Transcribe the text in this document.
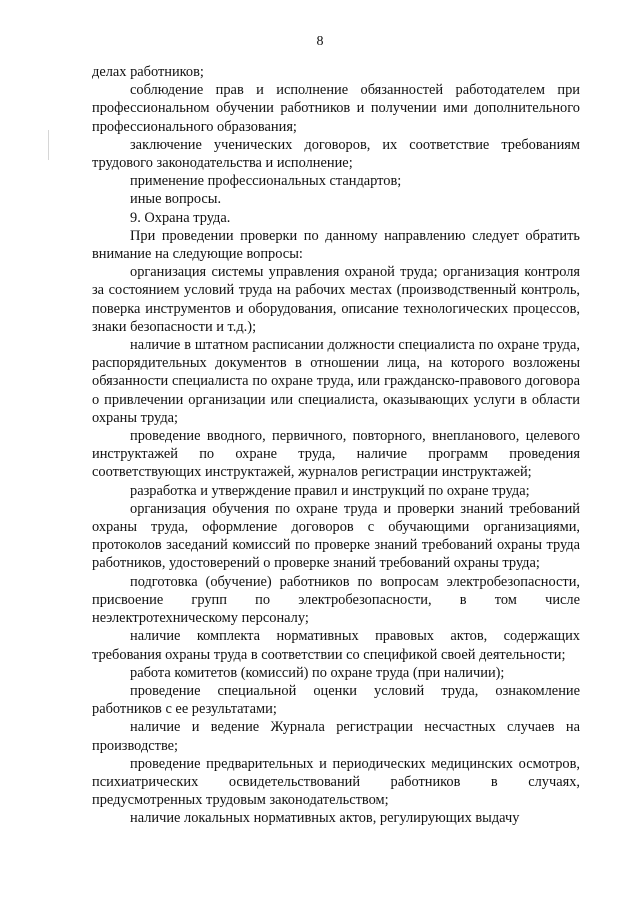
8

делах работников;

соблюдение прав и исполнение обязанностей работодателем при профессиональном обучении работников и получении ими дополнительного профессионального образования;

заключение ученических договоров, их соответствие требованиям трудового законодательства и исполнение;

применение профессиональных стандартов;

иные вопросы.

9. Охрана труда.

При проведении проверки по данному направлению следует обратить внимание на следующие вопросы:

организация системы управления охраной труда; организация контроля за состоянием условий труда на рабочих местах (производственный контроль, поверка инструментов и оборудования, описание технологических процессов, знаки безопасности и т.д.);

наличие в штатном расписании должности специалиста по охране труда, распорядительных документов в отношении лица, на которого возложены обязанности специалиста по охране труда, или гражданско-правового договора о привлечении организации или специалиста, оказывающих услуги в области охраны труда;

проведение вводного, первичного, повторного, внепланового, целевого инструктажей по охране труда, наличие программ проведения соответствующих инструктажей, журналов регистрации инструктажей;

разработка и утверждение правил и инструкций по охране труда;

организация обучения по охране труда и проверки знаний требований охраны труда, оформление договоров с обучающими организациями, протоколов заседаний комиссий по проверке знаний требований охраны труда работников, удостоверений о проверке знаний требований охраны труда;

подготовка (обучение) работников по вопросам электробезопасности, присвоение групп по электробезопасности, в том числе неэлектротехническому персоналу;

наличие комплекта нормативных правовых актов, содержащих требования охраны труда в соответствии со спецификой своей деятельности;

работа комитетов (комиссий) по охране труда (при наличии);

проведение специальной оценки условий труда, ознакомление работников с ее результатами;

наличие и ведение Журнала регистрации несчастных случаев на производстве;

проведение предварительных и периодических медицинских осмотров, психиатрических освидетельствований работников в случаях, предусмотренных трудовым законодательством;

наличие локальных нормативных актов, регулирующих выдачу
